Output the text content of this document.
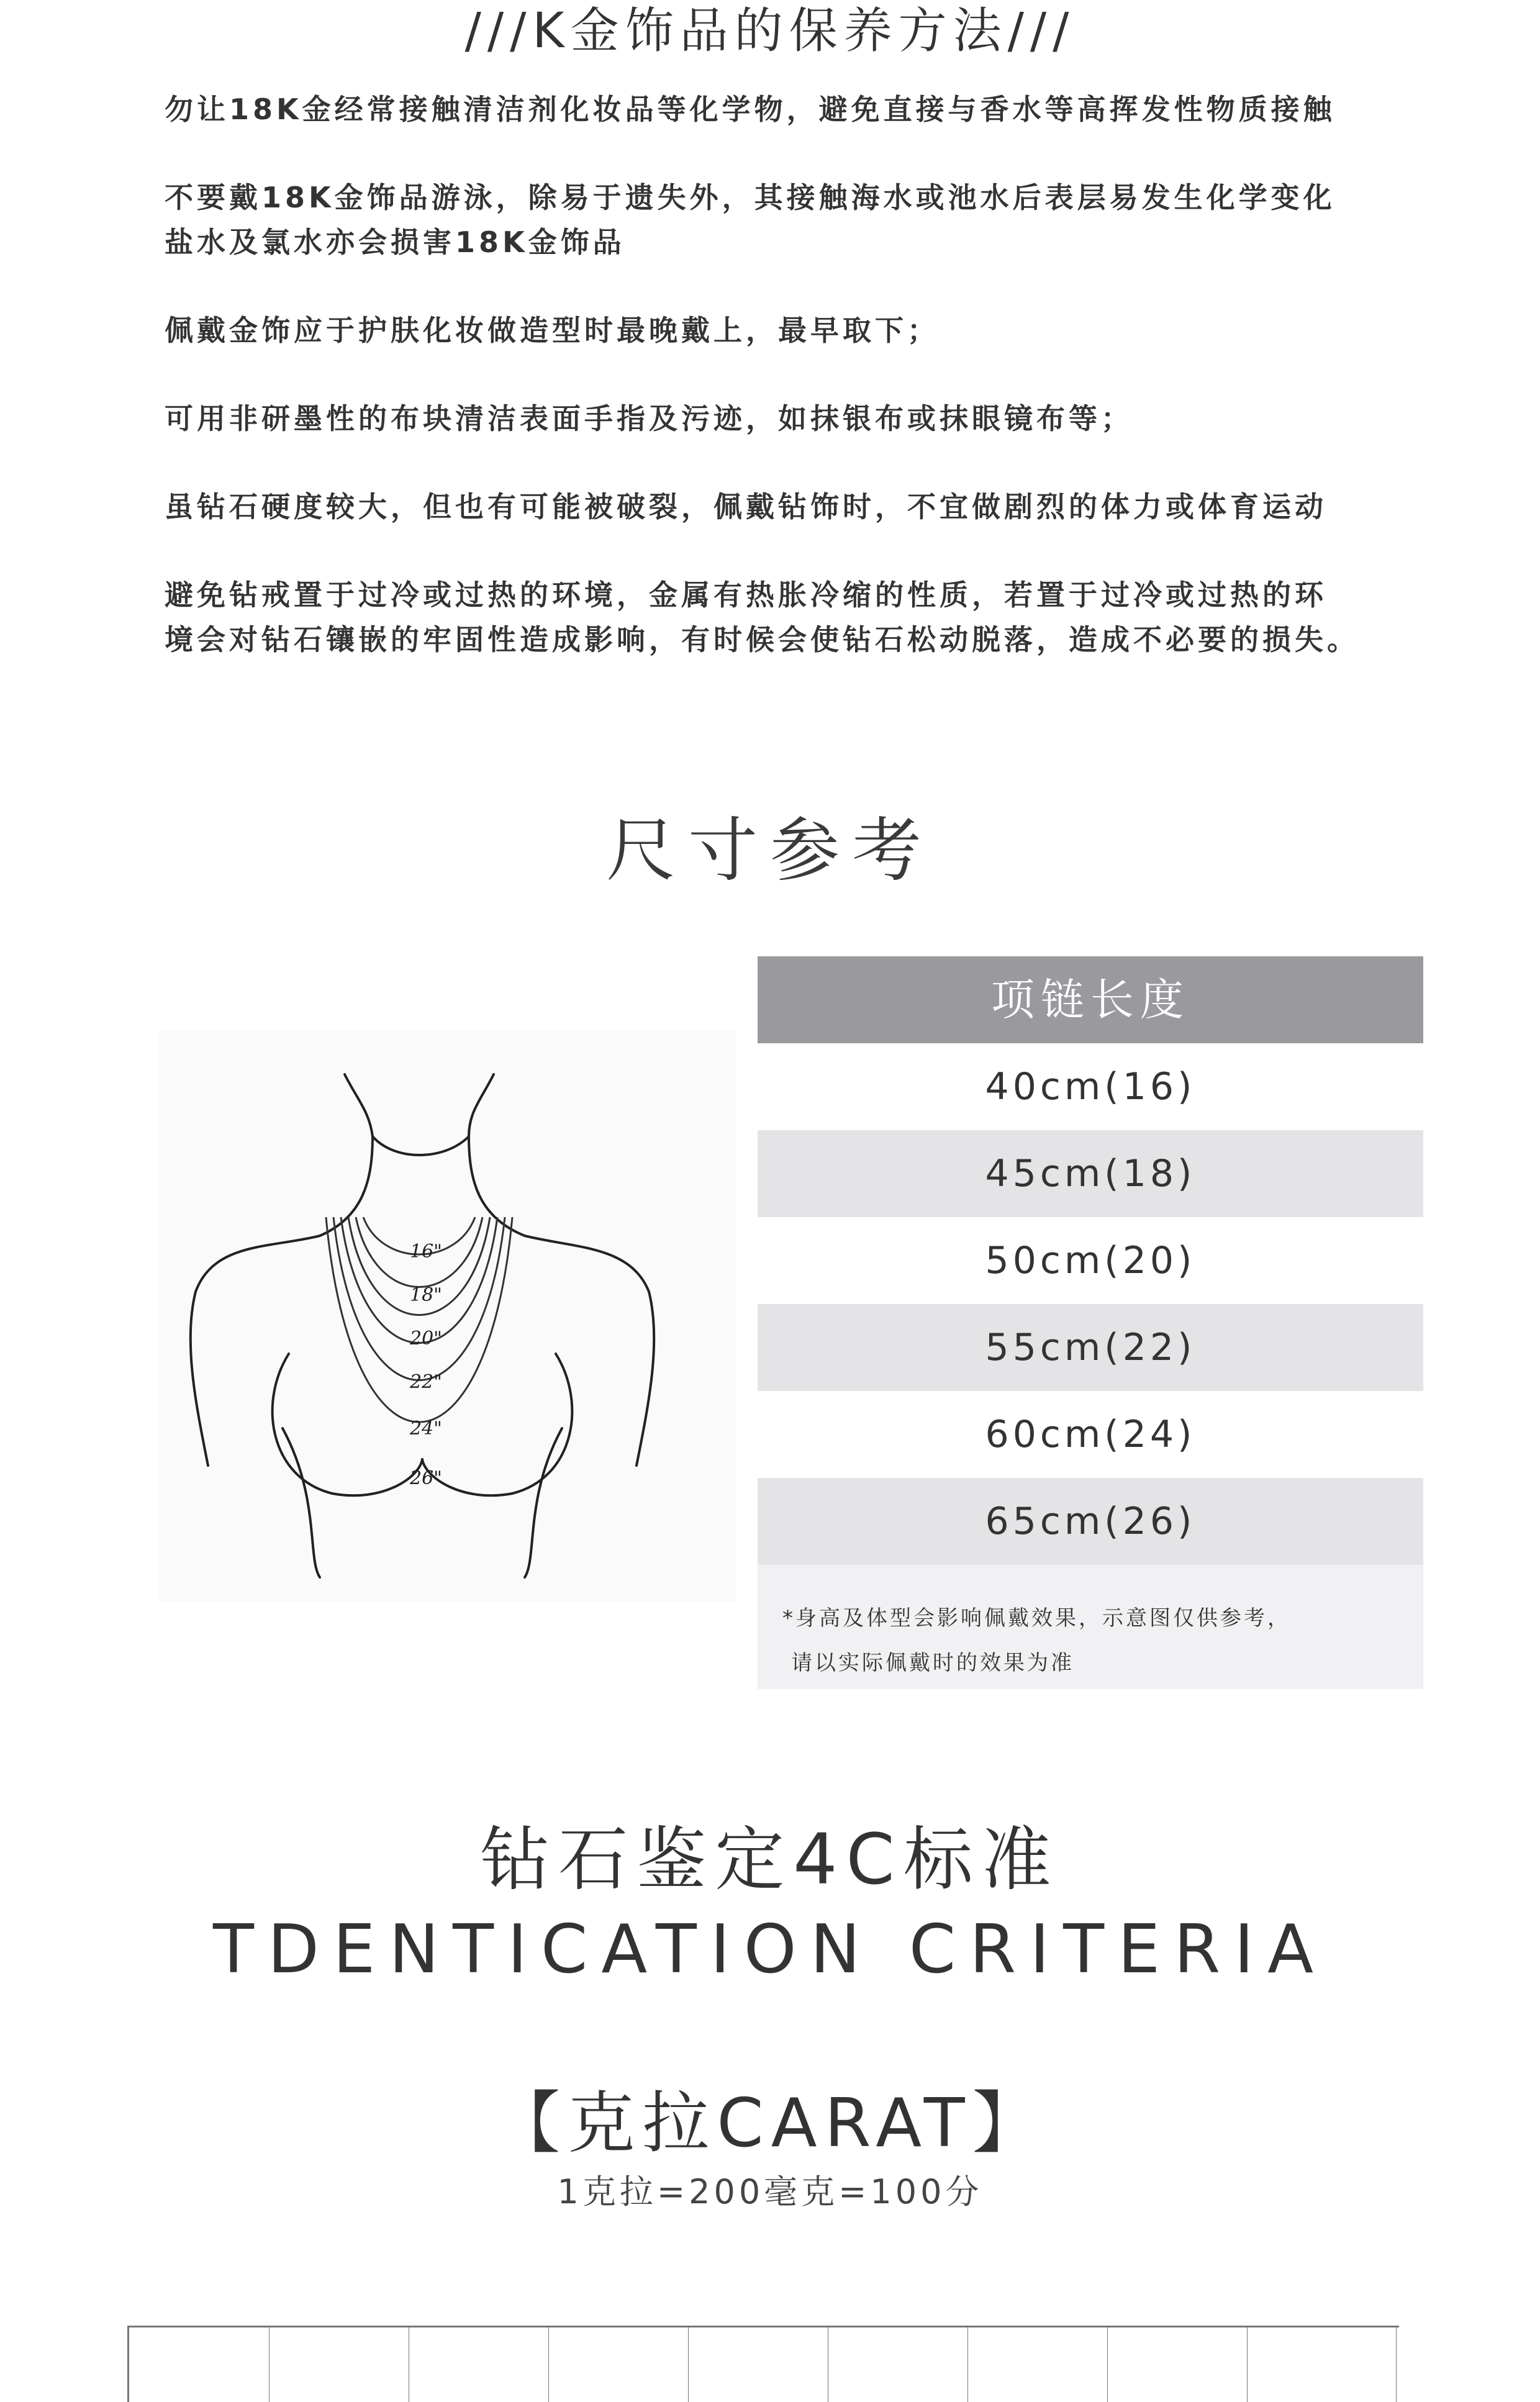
///K金饰品的保养方法///

勿让18K金经常接触清洁剂化妆品等化学物，避免直接与香水等高挥发性物质接触

不要戴18K金饰品游泳，除易于遗失外，其接触海水或池水后表层易发生化学变化
盐水及氯水亦会损害18K金饰品

佩戴金饰应于护肤化妆做造型时最晚戴上，最早取下；

可用非研墨性的布块清洁表面手指及污迹，如抹银布或抹眼镜布等；

虽钻石硬度较大，但也有可能被破裂，佩戴钻饰时，不宜做剧烈的体力或体育运动

避免钻戒置于过冷或过热的环境，金属有热胀冷缩的性质，若置于过冷或过热的环
境会对钻石镶嵌的牢固性造成影响，有时候会使钻石松动脱落，造成不必要的损失。

尺寸参考
16"
18"
20"
22"
24"
26"
项链长度
40cm(16)
45cm(18)
50cm(20)
55cm(22)
60cm(24)
65cm(26)
*身高及体型会影响佩戴效果，示意图仅供参考，
请以实际佩戴时的效果为准
钻石鉴定4C标准
TDENTICATION CRITERIA
【克拉CARAT】
1克拉=200毫克=100分
